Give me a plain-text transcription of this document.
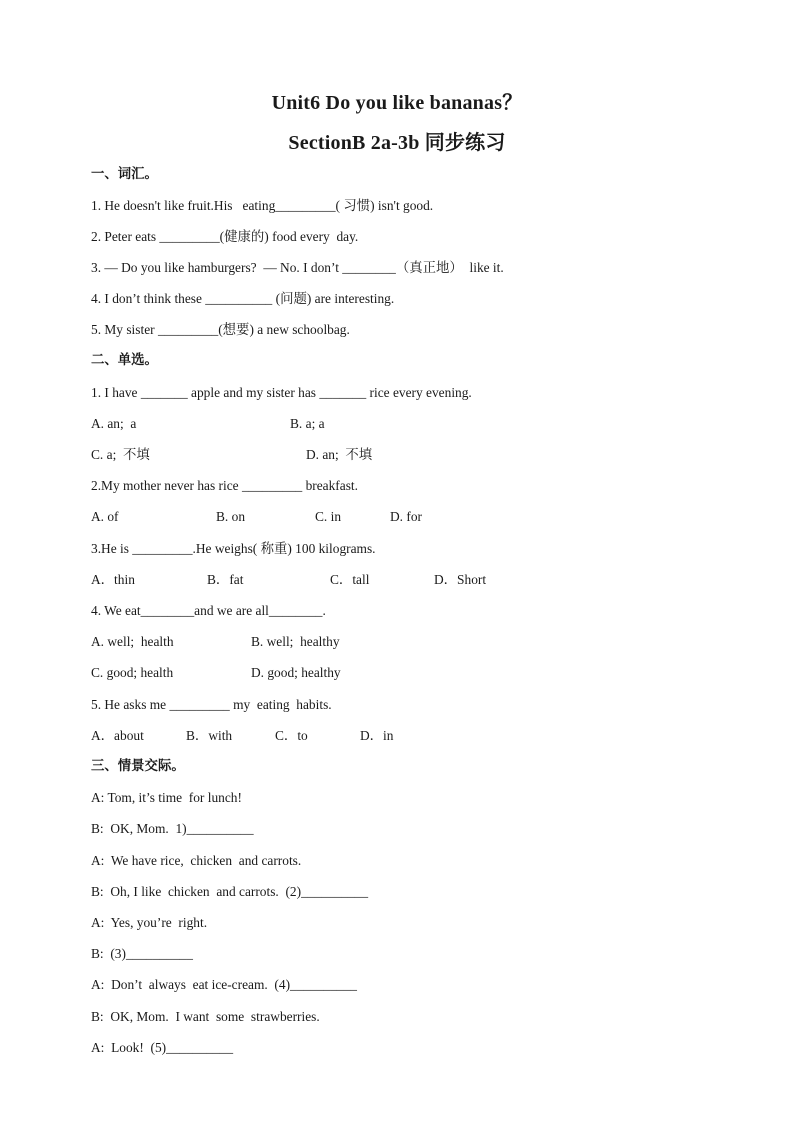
Unit6 Do you like bananas？
SectionB 2a-3b 同步练习
一、词汇。
1. He doesn't like fruit.His   eating_________( 习惯) isn't good.
2. Peter eats _________(健康的) food every  day.
3. — Do you like hamburgers?  — No. I don’t ________（真正地）  like it.
4. I don’t think these __________ (问题) are interesting.
5. My sister _________(想要) a new schoolbag.
二、单选。
1. I have _______ apple and my sister has _______ rice every evening.
A. an;  a	B. a; a
C. a;  不填	D. an;  不填
2.My mother never has rice _________ breakfast.
A. of	B. on	C. in	D. for
3.He is _________.He weighs( 称重) 100 kilograms.
A．thin	B．fat	C．tall	D．Short
4. We eat________and we are all________.
A. well;  health	B. well;  healthy
C. good; health	D. good; healthy
5. He asks me _________ my  eating  habits.
A．about	B．with	C．to	D．in
三、情景交际。
A: Tom, it’s time  for lunch!
B:  OK, Mom.  1)__________
A:  We have rice,  chicken  and carrots.
B:  Oh, I like  chicken  and carrots.  (2)__________
A:  Yes, you’re  right.
B:  (3)__________
A:  Don’t  always  eat ice-cream.  (4)__________
B:  OK, Mom.  I want  some  strawberries.
A:  Look!  (5)__________
